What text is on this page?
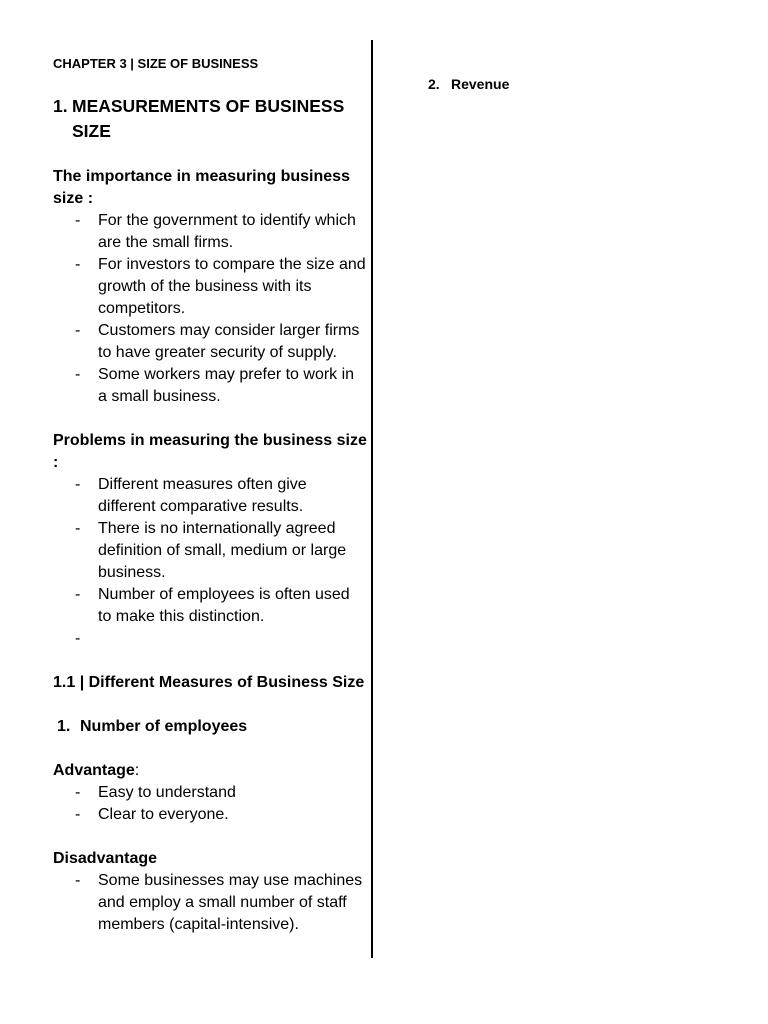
CHAPTER 3 | SIZE OF BUSINESS
1. MEASUREMENTS OF BUSINESS SIZE
The importance in measuring business size :
-	For the government to identify which are the small firms.
-	For investors to compare the size and growth of the business with its competitors.
-	Customers may consider larger firms to have greater security of supply.
-	Some workers may prefer to work in a small business.
Problems in measuring the business size :
-	Different measures often give different comparative results.
-	There is no internationally agreed definition of small, medium or large business.
-	Number of employees is often used to make this distinction.
-
1.1 | Different Measures of Business Size
1. Number of employees
Advantage:
-	Easy to understand
-	Clear to everyone.
Disadvantage
-	Some businesses may use machines and employ a small number of staff members (capital-intensive).
2. Revenue
